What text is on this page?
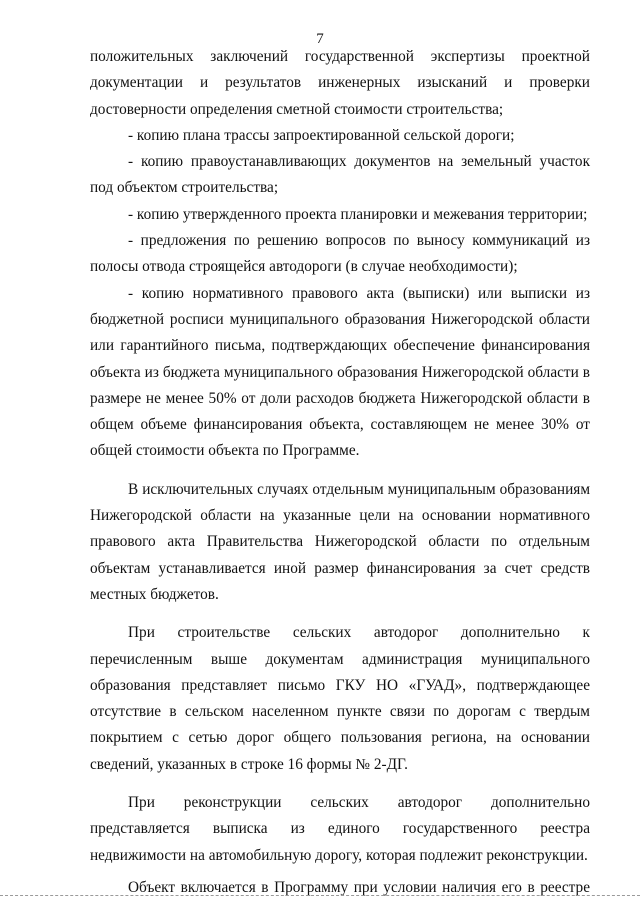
7

положительных заключений государственной экспертизы проектной документации и результатов инженерных изысканий и проверки достоверности определения сметной стоимости строительства;

- копию плана трассы запроектированной сельской дороги;

- копию правоустанавливающих документов на земельный участок под объектом строительства;

- копию утвержденного проекта планировки и межевания территории;

- предложения по решению вопросов по выносу коммуникаций из полосы отвода строящейся автодороги (в случае необходимости);

- копию нормативного правового акта (выписки) или выписки из бюджетной росписи муниципального образования Нижегородской области или гарантийного письма, подтверждающих обеспечение финансирования объекта из бюджета муниципального образования Нижегородской области в размере не менее 50% от доли расходов бюджета Нижегородской области в общем объеме финансирования объекта, составляющем не менее 30% от общей стоимости объекта по Программе.

В исключительных случаях отдельным муниципальным образованиям Нижегородской области на указанные цели на основании нормативного правового акта Правительства Нижегородской области по отдельным объектам устанавливается иной размер финансирования за счет средств местных бюджетов.

При строительстве сельских автодорог дополнительно к перечисленным выше документам администрация муниципального образования представляет письмо ГКУ НО «ГУАД», подтверждающее отсутствие в сельском населенном пункте связи по дорогам с твердым покрытием с сетью дорог общего пользования региона, на основании сведений, указанных в строке 16 формы № 2-ДГ.

При реконструкции сельских автодорог дополнительно представляется выписка из единого государственного реестра недвижимости на автомобильную дорогу, которая подлежит реконструкции.

Объект включается в Программу при условии наличия его в реестре
